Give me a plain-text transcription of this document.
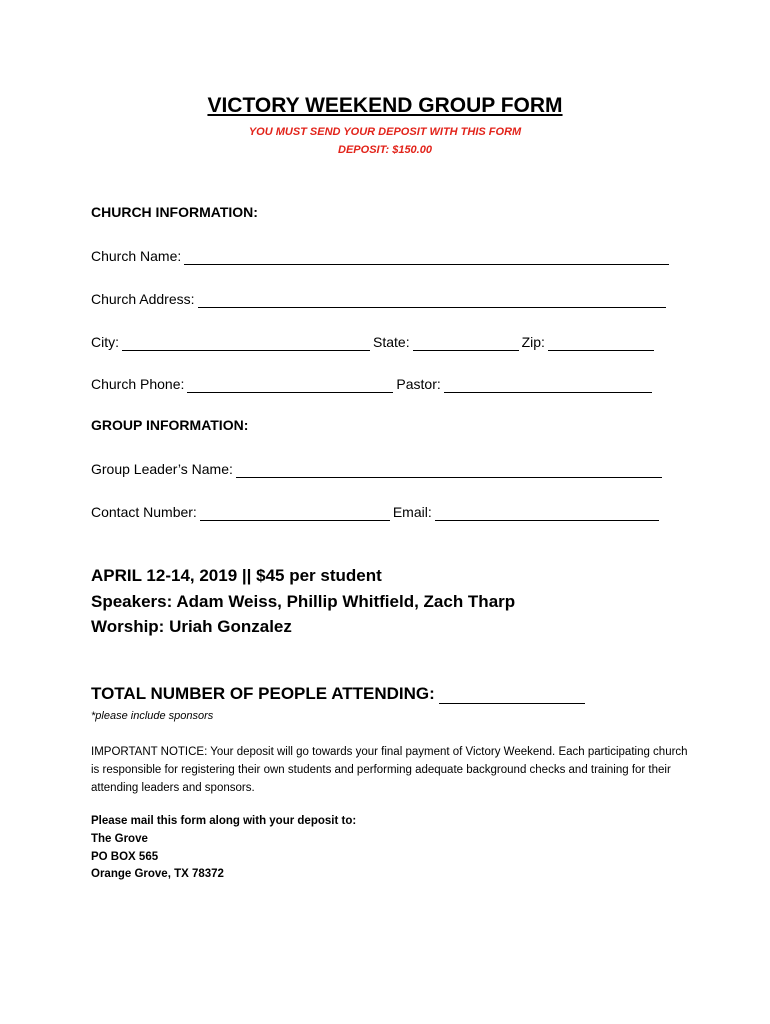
VICTORY WEEKEND GROUP FORM
YOU MUST SEND YOUR DEPOSIT WITH THIS FORM
DEPOSIT: $150.00
CHURCH INFORMATION:
Church Name:
Church Address:
City:	State:	Zip:
Church Phone:	Pastor:
GROUP INFORMATION:
Group Leader’s Name:
Contact Number:	Email:
APRIL 12-14, 2019 || $45 per student
Speakers: Adam Weiss, Phillip Whitfield, Zach Tharp
Worship: Uriah Gonzalez
TOTAL NUMBER OF PEOPLE ATTENDING:
*please include sponsors
IMPORTANT NOTICE: Your deposit will go towards your final payment of Victory Weekend. Each participating church is responsible for registering their own students and performing adequate background checks and training for their attending leaders and sponsors.
Please mail this form along with your deposit to:
The Grove
PO BOX 565
Orange Grove, TX 78372
